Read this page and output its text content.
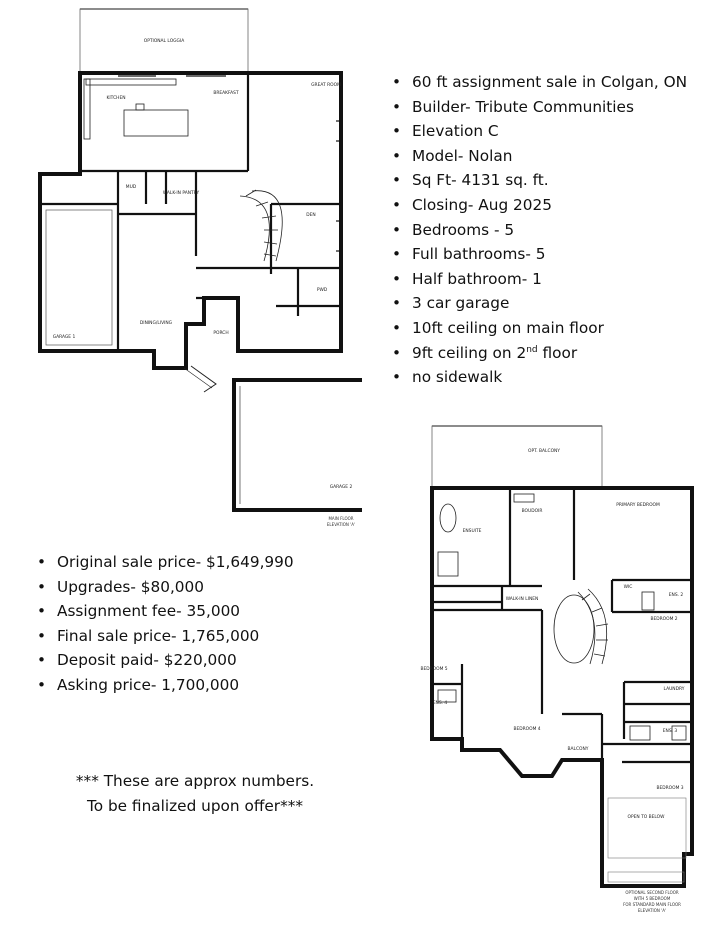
OPTIONAL LOGGIA
KITCHEN
BREAKFAST
GREAT ROOM
MUD
WALK-IN PANTRY
DEN
DINING/LIVING
GARAGE 1
PORCH
PWD
GARAGE 2
MAIN FLOOR
ELEVATION 'A'
• 60 ft assignment sale in Colgan, ON
• Builder- Tribute Communities
• Elevation C
• Model- Nolan
• Sq Ft- 4131 sq. ft.
• Closing- Aug 2025
• Bedrooms - 5
• Full bathrooms- 5
• Half bathroom- 1
• 3 car garage
• 10ft ceiling on main floor
• 9ft ceiling on 2nd floor
• no sidewalk
• Original sale price- $1,649,990
• Upgrades- $80,000
• Assignment fee- 35,000
• Final sale price- 1,765,000
• Deposit paid- $220,000
• Asking price- 1,700,000

*** These are approx numbers.
To be finalized upon offer***

OPT. BALCONY
ENSUITE
BOUDOIR
PRIMARY BEDROOM
WALK-IN LINEN
WIC
ENS. 2
BEDROOM 2
BEDROOM 5
ENS. 4
BEDROOM 4
LAUNDRY
ENS. 3
BALCONY
BEDROOM 3
OPEN TO BELOW
OPTIONAL SECOND FLOOR
WITH 5 BEDROOM
FOR STANDARD MAIN FLOOR
ELEVATION 'A'
